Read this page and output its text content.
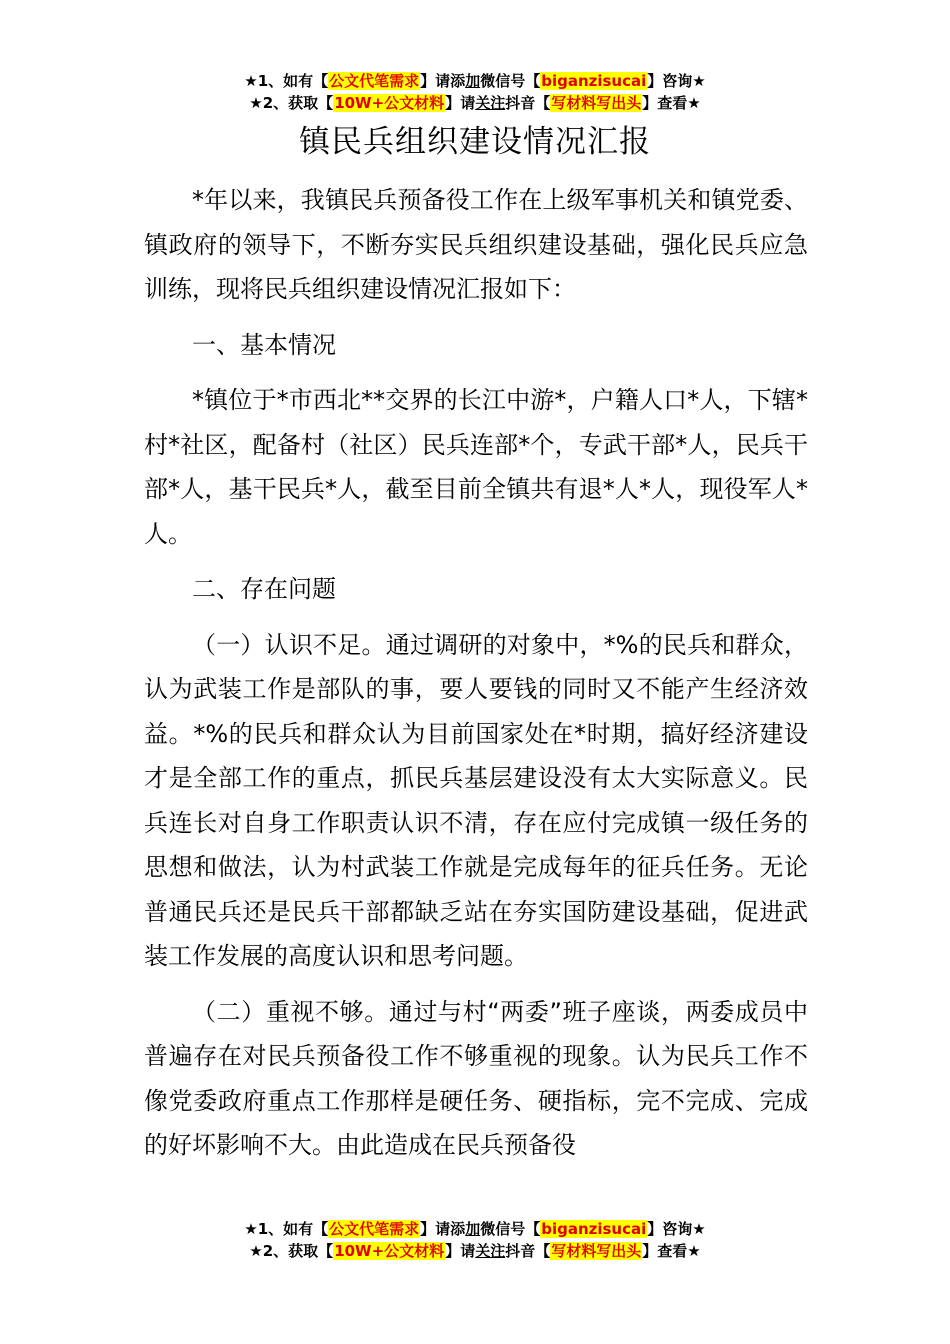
★1、如有【公文代笔需求】请添加微信号【biganzisucai】咨询★
★2、获取【10W+公文材料】请关注抖音【写材料写出头】查看★
镇民兵组织建设情况汇报

*年以来，我镇民兵预备役工作在上级军事机关和镇党委、镇政府的领导下，不断夯实民兵组织建设基础，强化民兵应急训练，现将民兵组织建设情况汇报如下：

一、基本情况

*镇位于*市西北**交界的长江中游*，户籍人口*人，下辖*村*社区，配备村（社区）民兵连部*个，专武干部*人，民兵干部*人，基干民兵*人，截至目前全镇共有退*人*人，现役军人*人。

二、存在问题

（一）认识不足。通过调研的对象中，*%的民兵和群众，认为武装工作是部队的事，要人要钱的同时又不能产生经济效益。*%的民兵和群众认为目前国家处在*时期，搞好经济建设才是全部工作的重点，抓民兵基层建设没有太大实际意义。民兵连长对自身工作职责认识不清，存在应付完成镇一级任务的思想和做法，认为村武装工作就是完成每年的征兵任务。无论普通民兵还是民兵干部都缺乏站在夯实国防建设基础，促进武装工作发展的高度认识和思考问题。

（二）重视不够。通过与村“两委”班子座谈，两委成员中普遍存在对民兵预备役工作不够重视的现象。认为民兵工作不像党委政府重点工作那样是硬任务、硬指标，完不完成、完成的好坏影响不大。由此造成在民兵预备役

★1、如有【公文代笔需求】请添加微信号【biganzisucai】咨询★
★2、获取【10W+公文材料】请关注抖音【写材料写出头】查看★
